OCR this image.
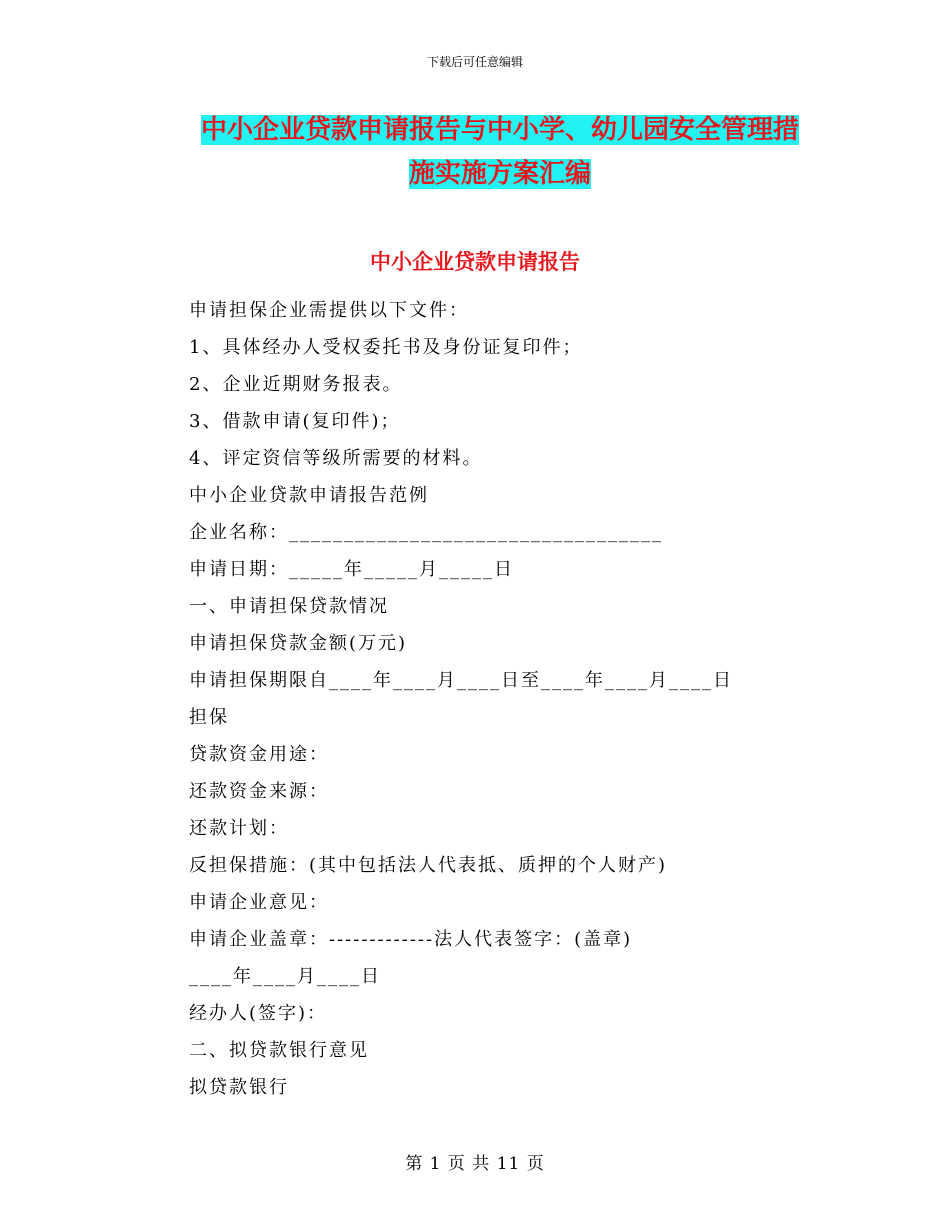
下载后可任意编辑
中小企业贷款申请报告与中小学、幼儿园安全管理措
施实施方案汇编
中小企业贷款申请报告
申请担保企业需提供以下文件：
1、具体经办人受权委托书及身份证复印件；
2、企业近期财务报表。
3、借款申请(复印件)；
4、评定资信等级所需要的材料。
中小企业贷款申请报告范例
企业名称：__________________________________
申请日期：_____年_____月_____日
一、申请担保贷款情况
申请担保贷款金额(万元)
申请担保期限自____年____月____日至____年____月____日
担保
贷款资金用途：
还款资金来源：
还款计划：
反担保措施：(其中包括法人代表抵、质押的个人财产)
申请企业意见：
申请企业盖章：-------------法人代表签字：(盖章)
____年____月____日
经办人(签字)：
二、拟贷款银行意见
拟贷款银行
第 1 页 共 11 页
